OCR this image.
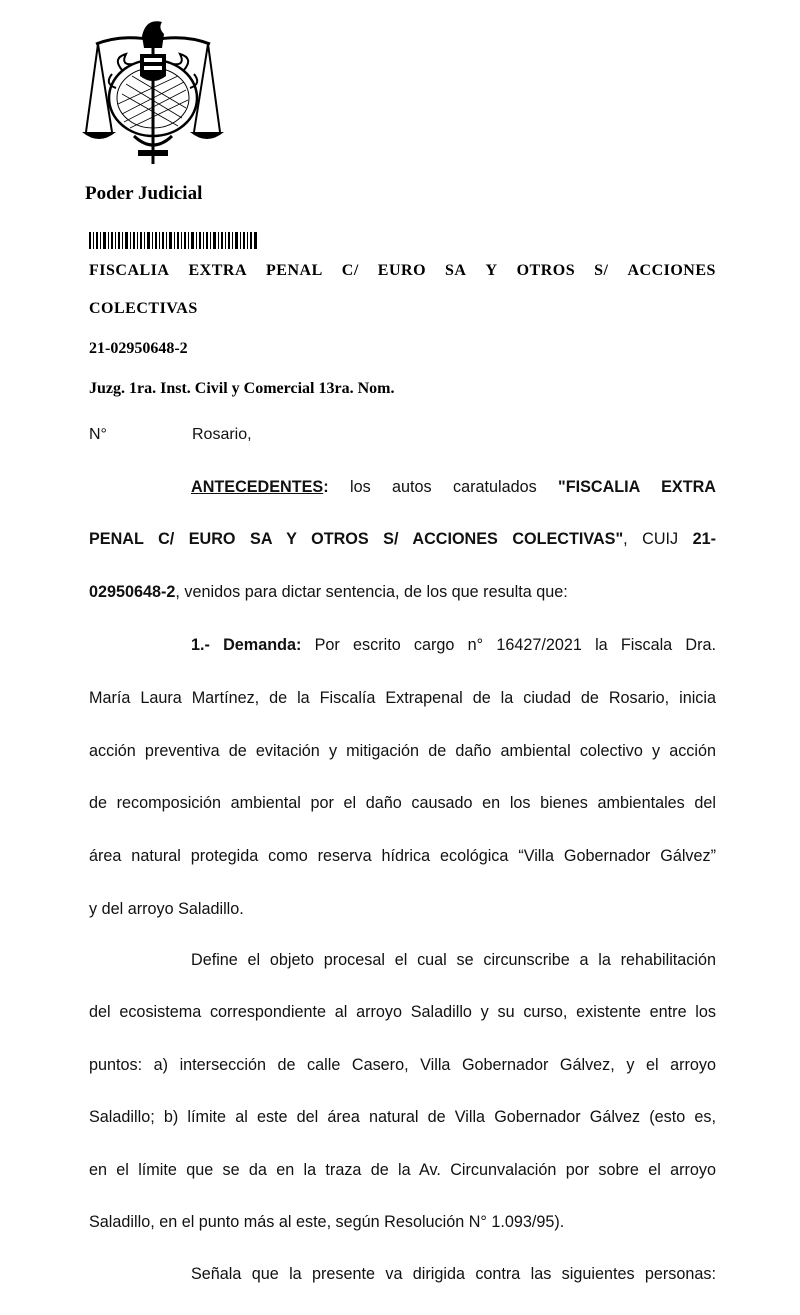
Poder Judicial
FISCALIA EXTRA PENAL C/ EURO SA Y OTROS S/ ACCIONES
COLECTIVAS
21-02950648-2
Juzg. 1ra. Inst. Civil y Comercial 13ra. Nom.
N°	Rosario,
ANTECEDENTES: los autos caratulados "FISCALIA EXTRA
PENAL C/ EURO SA Y OTROS S/ ACCIONES COLECTIVAS", CUIJ 21-
02950648-2, venidos para dictar sentencia, de los que resulta que:
1.- Demanda: Por escrito cargo n° 16427/2021 la Fiscala Dra.
María Laura Martínez, de la Fiscalía Extrapenal de la ciudad de Rosario, inicia
acción preventiva de evitación y mitigación de daño ambiental colectivo y acción
de recomposición ambiental por el daño causado en los bienes ambientales del
área natural protegida como reserva hídrica ecológica “Villa Gobernador Gálvez”
y del arroyo Saladillo.
Define el objeto procesal el cual se circunscribe a la rehabilitación
del ecosistema correspondiente al arroyo Saladillo y su curso, existente entre los
puntos: a) intersección de calle Casero, Villa Gobernador Gálvez, y el arroyo
Saladillo; b) límite al este del área natural de Villa Gobernador Gálvez (esto es,
en el límite que se da en la traza de la Av. Circunvalación por sobre el arroyo
Saladillo, en el punto más al este, según Resolución N° 1.093/95).
Señala que la presente va dirigida contra las siguientes personas:
